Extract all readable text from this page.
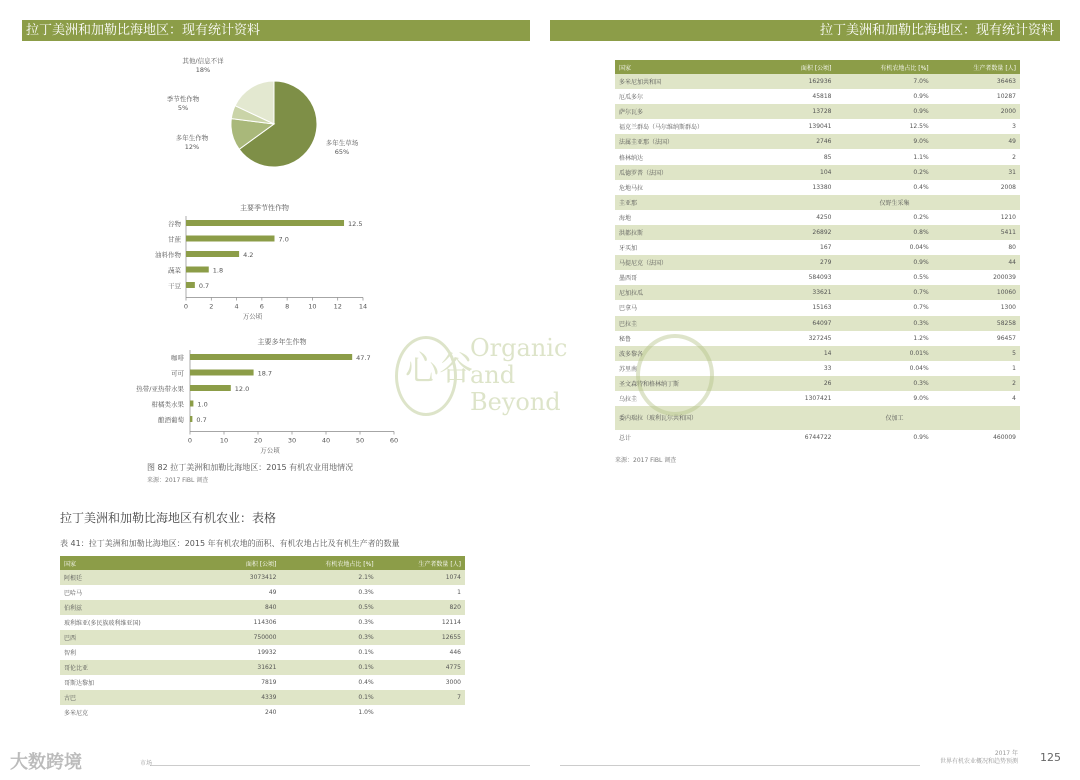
拉丁美洲和加勒比海地区：现有统计资料	拉丁美洲和加勒比海地区：现有统计资料
多年生草场
65%
多年生作物
12%
季节性作物
5%
其他/信息不详
18%
主要季节性作物
谷物	12.5
甘蔗	7.0
油料作物	4.2
蔬菜	1.8
干豆	0.7
0	2	4	6	8	10	12	14
万公顷
主要多年生作物
咖啡	47.7
可可	18.7
热带/亚热带水果	12.0
柑橘类水果 1.0
酿酒葡萄 0.7
0	10	20	30	40	50	60
万公顷
图 82 拉丁美洲和加勒比海地区：2015 有机农业用地情况
来源：2017 FiBL 调查
拉丁美洲和加勒比海地区有机农业：表格
表 41：拉丁美洲和加勒比海地区：2015 年有机农地的面积、有机农地占比及有机生产者的数量
国家	面积 [公顷]	有机农地占比 [%]	生产者数量 [人]
阿根廷	3073412	2.1%	1074
巴哈马	49	0.3%	1
伯利兹	840	0.5%	820
玻利维亚(多民族玻利维亚国)	114306	0.3%	12114
巴西	750000	0.3%	12655
智利	19932	0.1%	446
哥伦比亚	31621	0.1%	4775
哥斯达黎加	7819	0.4%	3000
古巴	4339	0.1%	7
多米尼克	240	1.0%	
国家	面积 [公顷]	有机农地占比 [%]	生产者数量 [人]
多米尼加共和国	162936	7.0%	36463
厄瓜多尔	45818	0.9%	10287
萨尔瓦多	13728	0.9%	2000
福克兰群岛（马尔维纳斯群岛）	139041	12.5%	3
法属圭亚那（法国）	2746	9.0%	49
格林纳达	85	1.1%	2
瓜德罗普（法国）	104	0.2%	31
危地马拉	13380	0.4%	2008
圭亚那	仅野生采集		
海地	4250	0.2%	1210
洪都拉斯	26892	0.8%	5411
牙买加	167	0.04%	80
马提尼克（法国）	279	0.9%	44
墨西哥	584093	0.5%	200039
尼加拉瓜	33621	0.7%	10060
巴拿马	15163	0.7%	1300
巴拉圭	64097	0.3%	58258
秘鲁	327245	1.2%	96457
波多黎各	14	0.01%	5
苏里南	33	0.04%	1
圣文森特和格林纳丁斯	26	0.3%	2
乌拉圭	1307421	9.0%	4
委内瑞拉（玻利瓦尔共和国）	仅加工		
总计	6744722	0.9%	460009
来源：2017 FiBL 调查
心谷
Organic
and
Beyond
大数跨境	市场
2017 年
世界有机农业概况和趋势预测 125
